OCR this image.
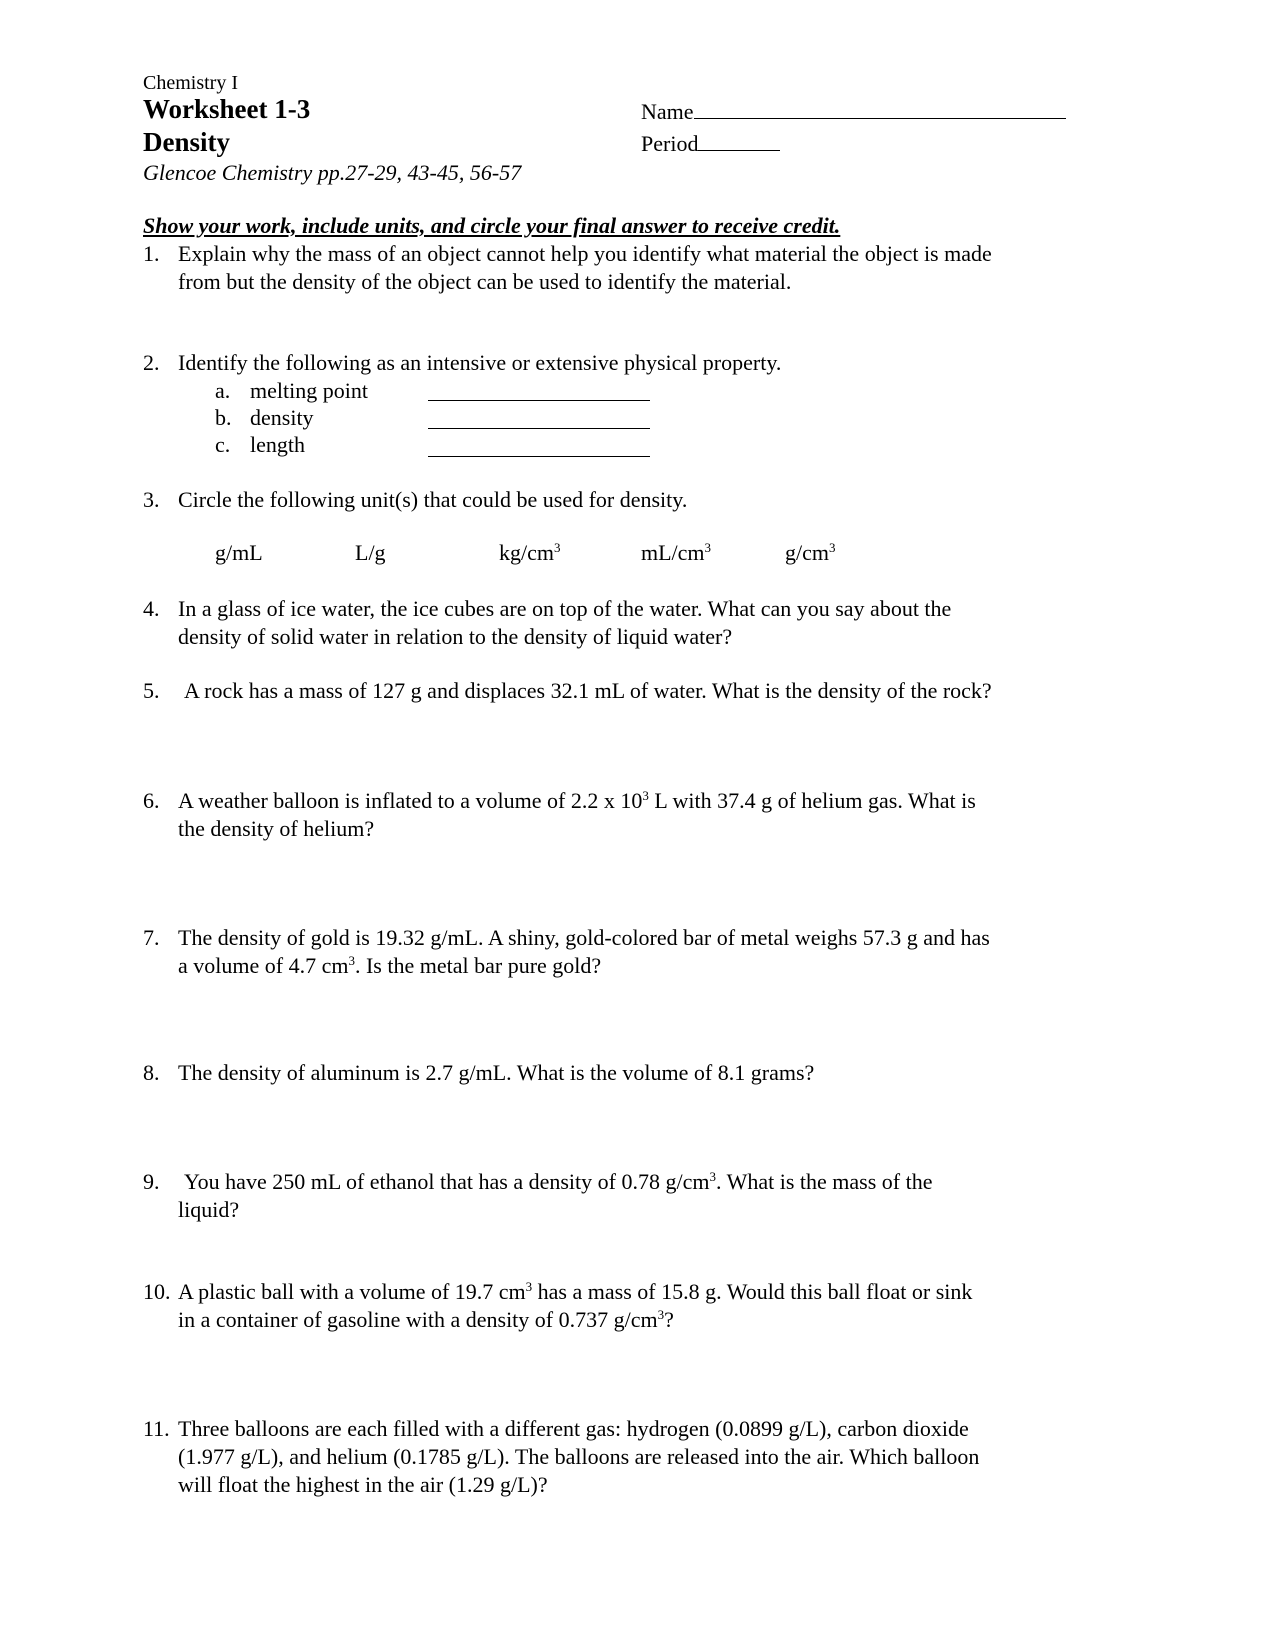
Chemistry I
Worksheet 1-3
Density
Glencoe Chemistry pp.27-29, 43-45, 56-57
Name
Period
Show your work, include units, and circle your final answer to receive credit.
1. Explain why the mass of an object cannot help you identify what material the object is made
from but the density of the object can be used to identify the material.
2. Identify the following as an intensive or extensive physical property.
a. melting point
b. density
c. length
3. Circle the following unit(s) that could be used for density.
g/mL	L/g	$kg/cm^3$	$mL/cm^3$	$g/cm^3$
4. In a glass of ice water, the ice cubes are on top of the water. What can you say about the
density of solid water in relation to the density of liquid water?
5. A rock has a mass of 127 g and displaces 32.1 mL of water. What is the density of the rock?
6. A weather balloon is inflated to a volume of 2.2 x $10^3$ L with 37.4 g of helium gas. What is
the density of helium?
7. The density of gold is 19.32 g/mL. A shiny, gold-colored bar of metal weighs 57.3 g and has
a volume of 4.7 $cm^3$. Is the metal bar pure gold?
8. The density of aluminum is 2.7 g/mL. What is the volume of 8.1 grams?
9. You have 250 mL of ethanol that has a density of 0.78 $g/cm^3$. What is the mass of the
liquid?
10. A plastic ball with a volume of 19.7 $cm^3$ has a mass of 15.8 g. Would this ball float or sink
in a container of gasoline with a density of 0.737 $g/cm^3$?
11. Three balloons are each filled with a different gas: hydrogen (0.0899 g/L), carbon dioxide
(1.977 g/L), and helium (0.1785 g/L). The balloons are released into the air. Which balloon
will float the highest in the air (1.29 g/L)?
